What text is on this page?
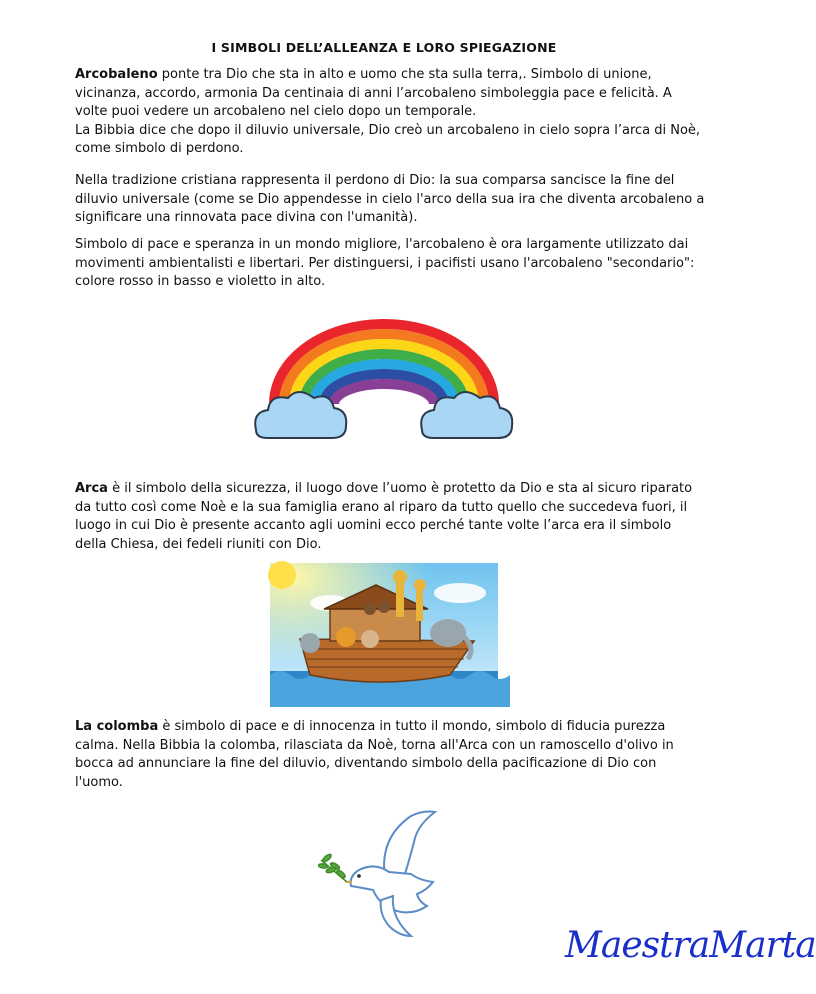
I SIMBOLI DELL’ALLEANZA E LORO SPIEGAZIONE

Arcobaleno ponte tra Dio che sta in alto e uomo che sta sulla terra,. Simbolo di unione, vicinanza, accordo, armonia Da centinaia di anni l’arcobaleno simboleggia pace e felicità. A volte puoi vedere un arcobaleno nel cielo dopo un temporale.
La Bibbia dice che dopo il diluvio universale, Dio creò un arcobaleno in cielo sopra l’arca di Noè, come simbolo di perdono.

Nella tradizione cristiana rappresenta il perdono di Dio: la sua comparsa sancisce la fine del diluvio universale (come se Dio appendesse in cielo l'arco della sua ira che diventa arcobaleno a significare una rinnovata pace divina con l'umanità).

Simbolo di pace e speranza in un mondo migliore, l'arcobaleno è ora largamente utilizzato dai movimenti ambientalisti e libertari. Per distinguersi, i pacifisti usano l'arcobaleno "secondario": colore rosso in basso e violetto in alto.

Arca è il simbolo della sicurezza, il luogo dove l’uomo è protetto da Dio e sta al sicuro riparato da tutto così come Noè e la sua famiglia erano al riparo da tutto quello che succedeva fuori, il luogo in cui Dio è presente accanto agli uomini ecco perché tante volte l’arca era il simbolo della Chiesa, dei fedeli riuniti con Dio.

La colomba è simbolo di pace e di innocenza in tutto il mondo, simbolo di fiducia purezza calma. Nella Bibbia la colomba, rilasciata da Noè, torna all'Arca con un ramoscello d'olivo in bocca ad annunciare la fine del diluvio, diventando simbolo della pacificazione di Dio con l'uomo.

MaestraMarta
